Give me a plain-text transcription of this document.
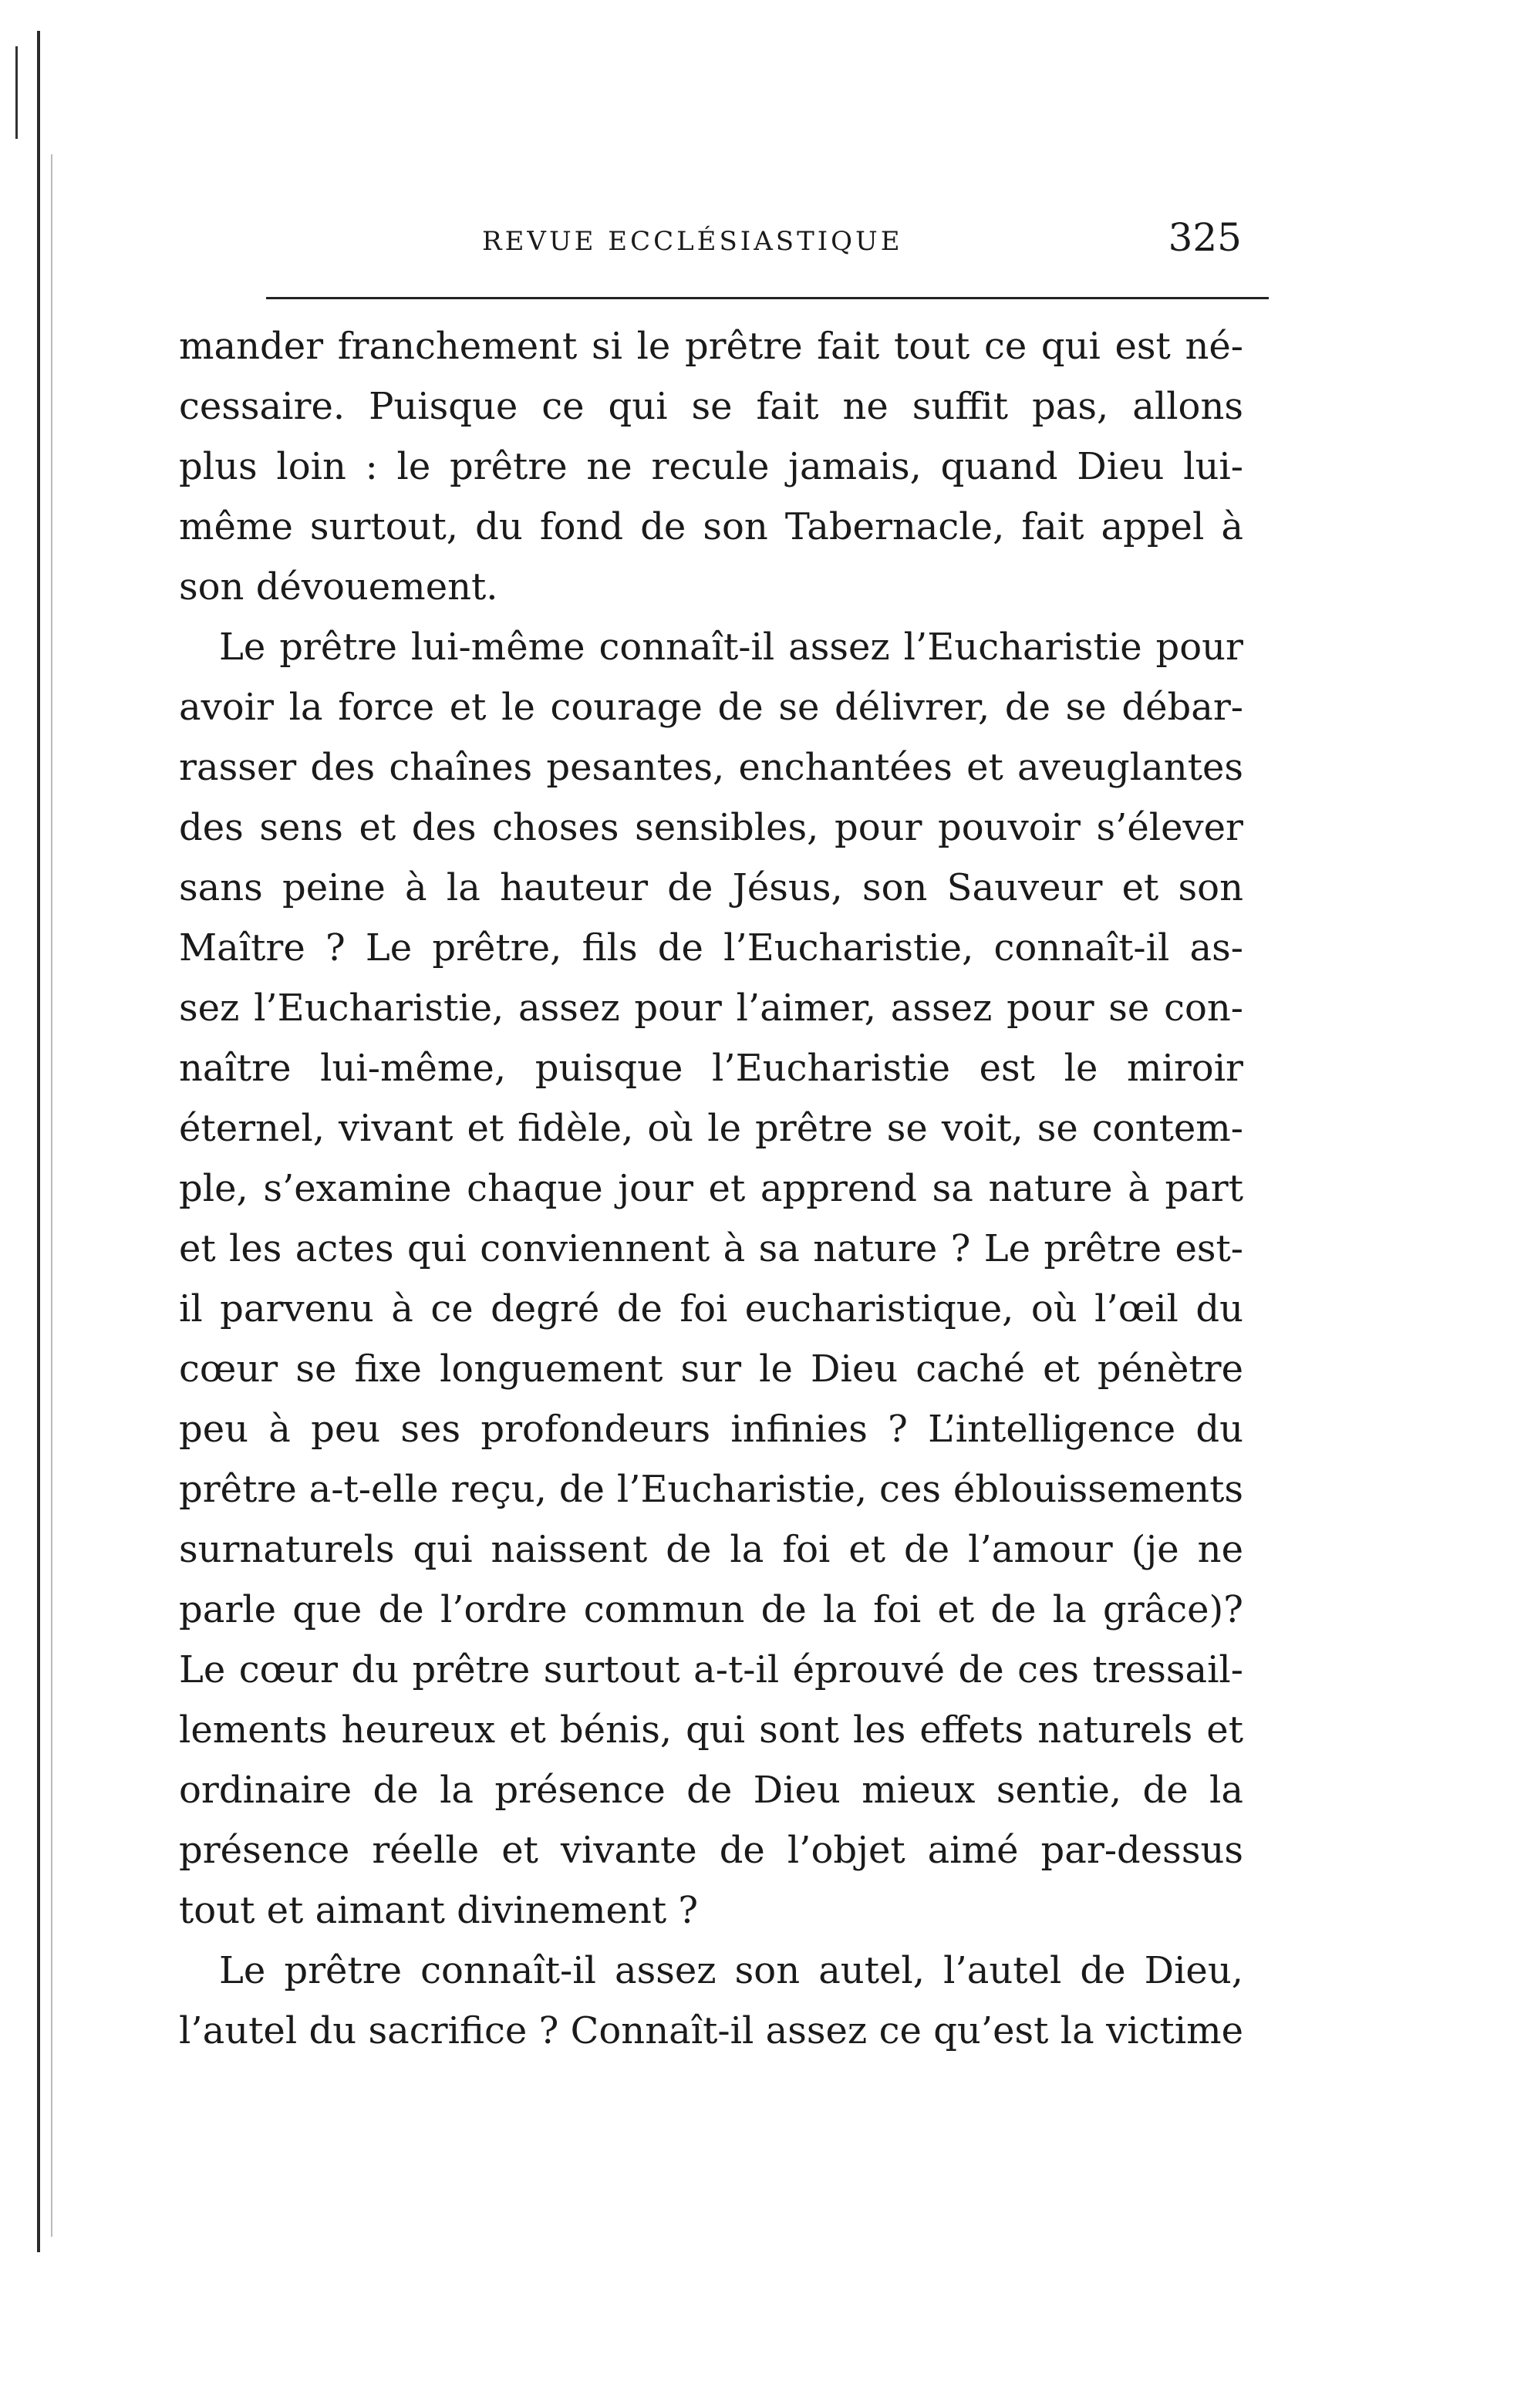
REVUE ECCLÉSIASTIQUE	325
mander franchement si le prêtre fait tout ce qui est né-
cessaire. Puisque ce qui se fait ne suffit pas, allons
plus loin : le prêtre ne recule jamais, quand Dieu lui-
même surtout, du fond de son Tabernacle, fait appel à
son dévouement.
Le prêtre lui-même connaît-il assez l’Eucharistie pour
avoir la force et le courage de se délivrer, de se débar-
rasser des chaînes pesantes, enchantées et aveuglantes
des sens et des choses sensibles, pour pouvoir s’élever
sans peine à la hauteur de Jésus, son Sauveur et son
Maître ? Le prêtre, fils de l’Eucharistie, connaît-il as-
sez l’Eucharistie, assez pour l’aimer, assez pour se con-
naître lui-même, puisque l’Eucharistie est le miroir
éternel, vivant et fidèle, où le prêtre se voit, se contem-
ple, s’examine chaque jour et apprend sa nature à part
et les actes qui conviennent à sa nature ? Le prêtre est-
il parvenu à ce degré de foi eucharistique, où l’œil du
cœur se fixe longuement sur le Dieu caché et pénètre
peu à peu ses profondeurs infinies ? L’intelligence du
prêtre a-t-elle reçu, de l’Eucharistie, ces éblouissements
surnaturels qui naissent de la foi et de l’amour (je ne
parle que de l’ordre commun de la foi et de la grâce)?
Le cœur du prêtre surtout a-t-il éprouvé de ces tressail-
lements heureux et bénis, qui sont les effets naturels et
ordinaire de la présence de Dieu mieux sentie, de la
présence réelle et vivante de l’objet aimé par-dessus
tout et aimant divinement ?
Le prêtre connaît-il assez son autel, l’autel de Dieu,
l’autel du sacrifice ? Connaît-il assez ce qu’est la victime
